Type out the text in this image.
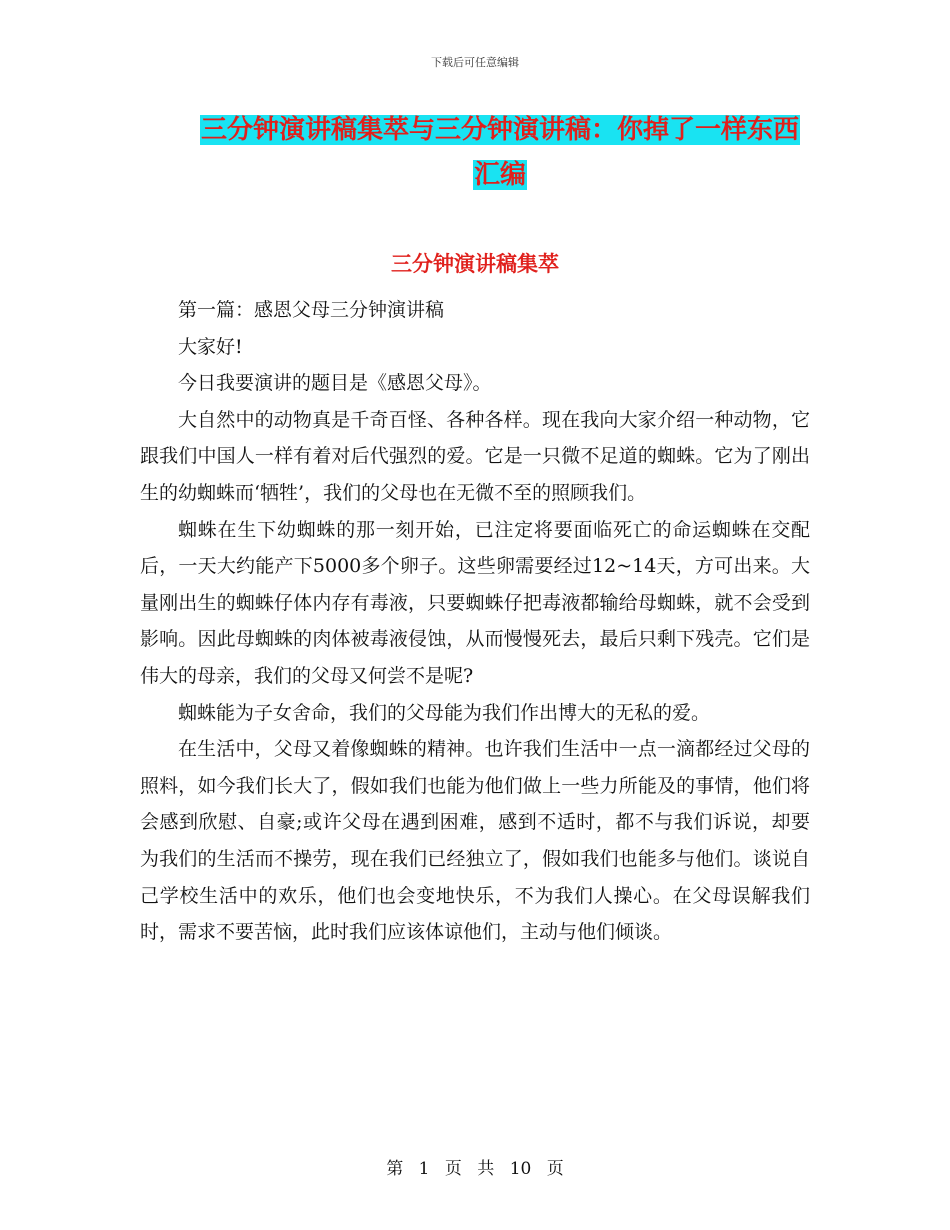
下载后可任意编辑
三分钟演讲稿集萃与三分钟演讲稿：你掉了一样东西
汇编
三分钟演讲稿集萃

第一篇：感恩父母三分钟演讲稿

大家好!

今日我要演讲的题目是《感恩父母》。

大自然中的动物真是千奇百怪、各种各样。现在我向大家介绍一种动物，它跟我们中国人一样有着对后代强烈的爱。它是一只微不足道的蜘蛛。它为了刚出生的幼蜘蛛而‘牺牲’，我们的父母也在无微不至的照顾我们。

蜘蛛在生下幼蜘蛛的那一刻开始，已注定将要面临死亡的命运蜘蛛在交配后，一天大约能产下5000多个卵子。这些卵需要经过12~14天，方可出来。大量刚出生的蜘蛛仔体内存有毒液，只要蜘蛛仔把毒液都输给母蜘蛛，就不会受到影响。因此母蜘蛛的肉体被毒液侵蚀，从而慢慢死去，最后只剩下残壳。它们是伟大的母亲，我们的父母又何尝不是呢?

蜘蛛能为子女舍命，我们的父母能为我们作出博大的无私的爱。

在生活中，父母又着像蜘蛛的精神。也许我们生活中一点一滴都经过父母的照料，如今我们长大了，假如我们也能为他们做上一些力所能及的事情，他们将会感到欣慰、自豪;或许父母在遇到困难，感到不适时，都不与我们诉说，却要为我们的生活而不操劳，现在我们已经独立了，假如我们也能多与他们。谈说自己学校生活中的欢乐，他们也会变地快乐，不为我们人操心。在父母误解我们时，需求不要苦恼，此时我们应该体谅他们，主动与他们倾谈。

第 1 页 共 10 页
